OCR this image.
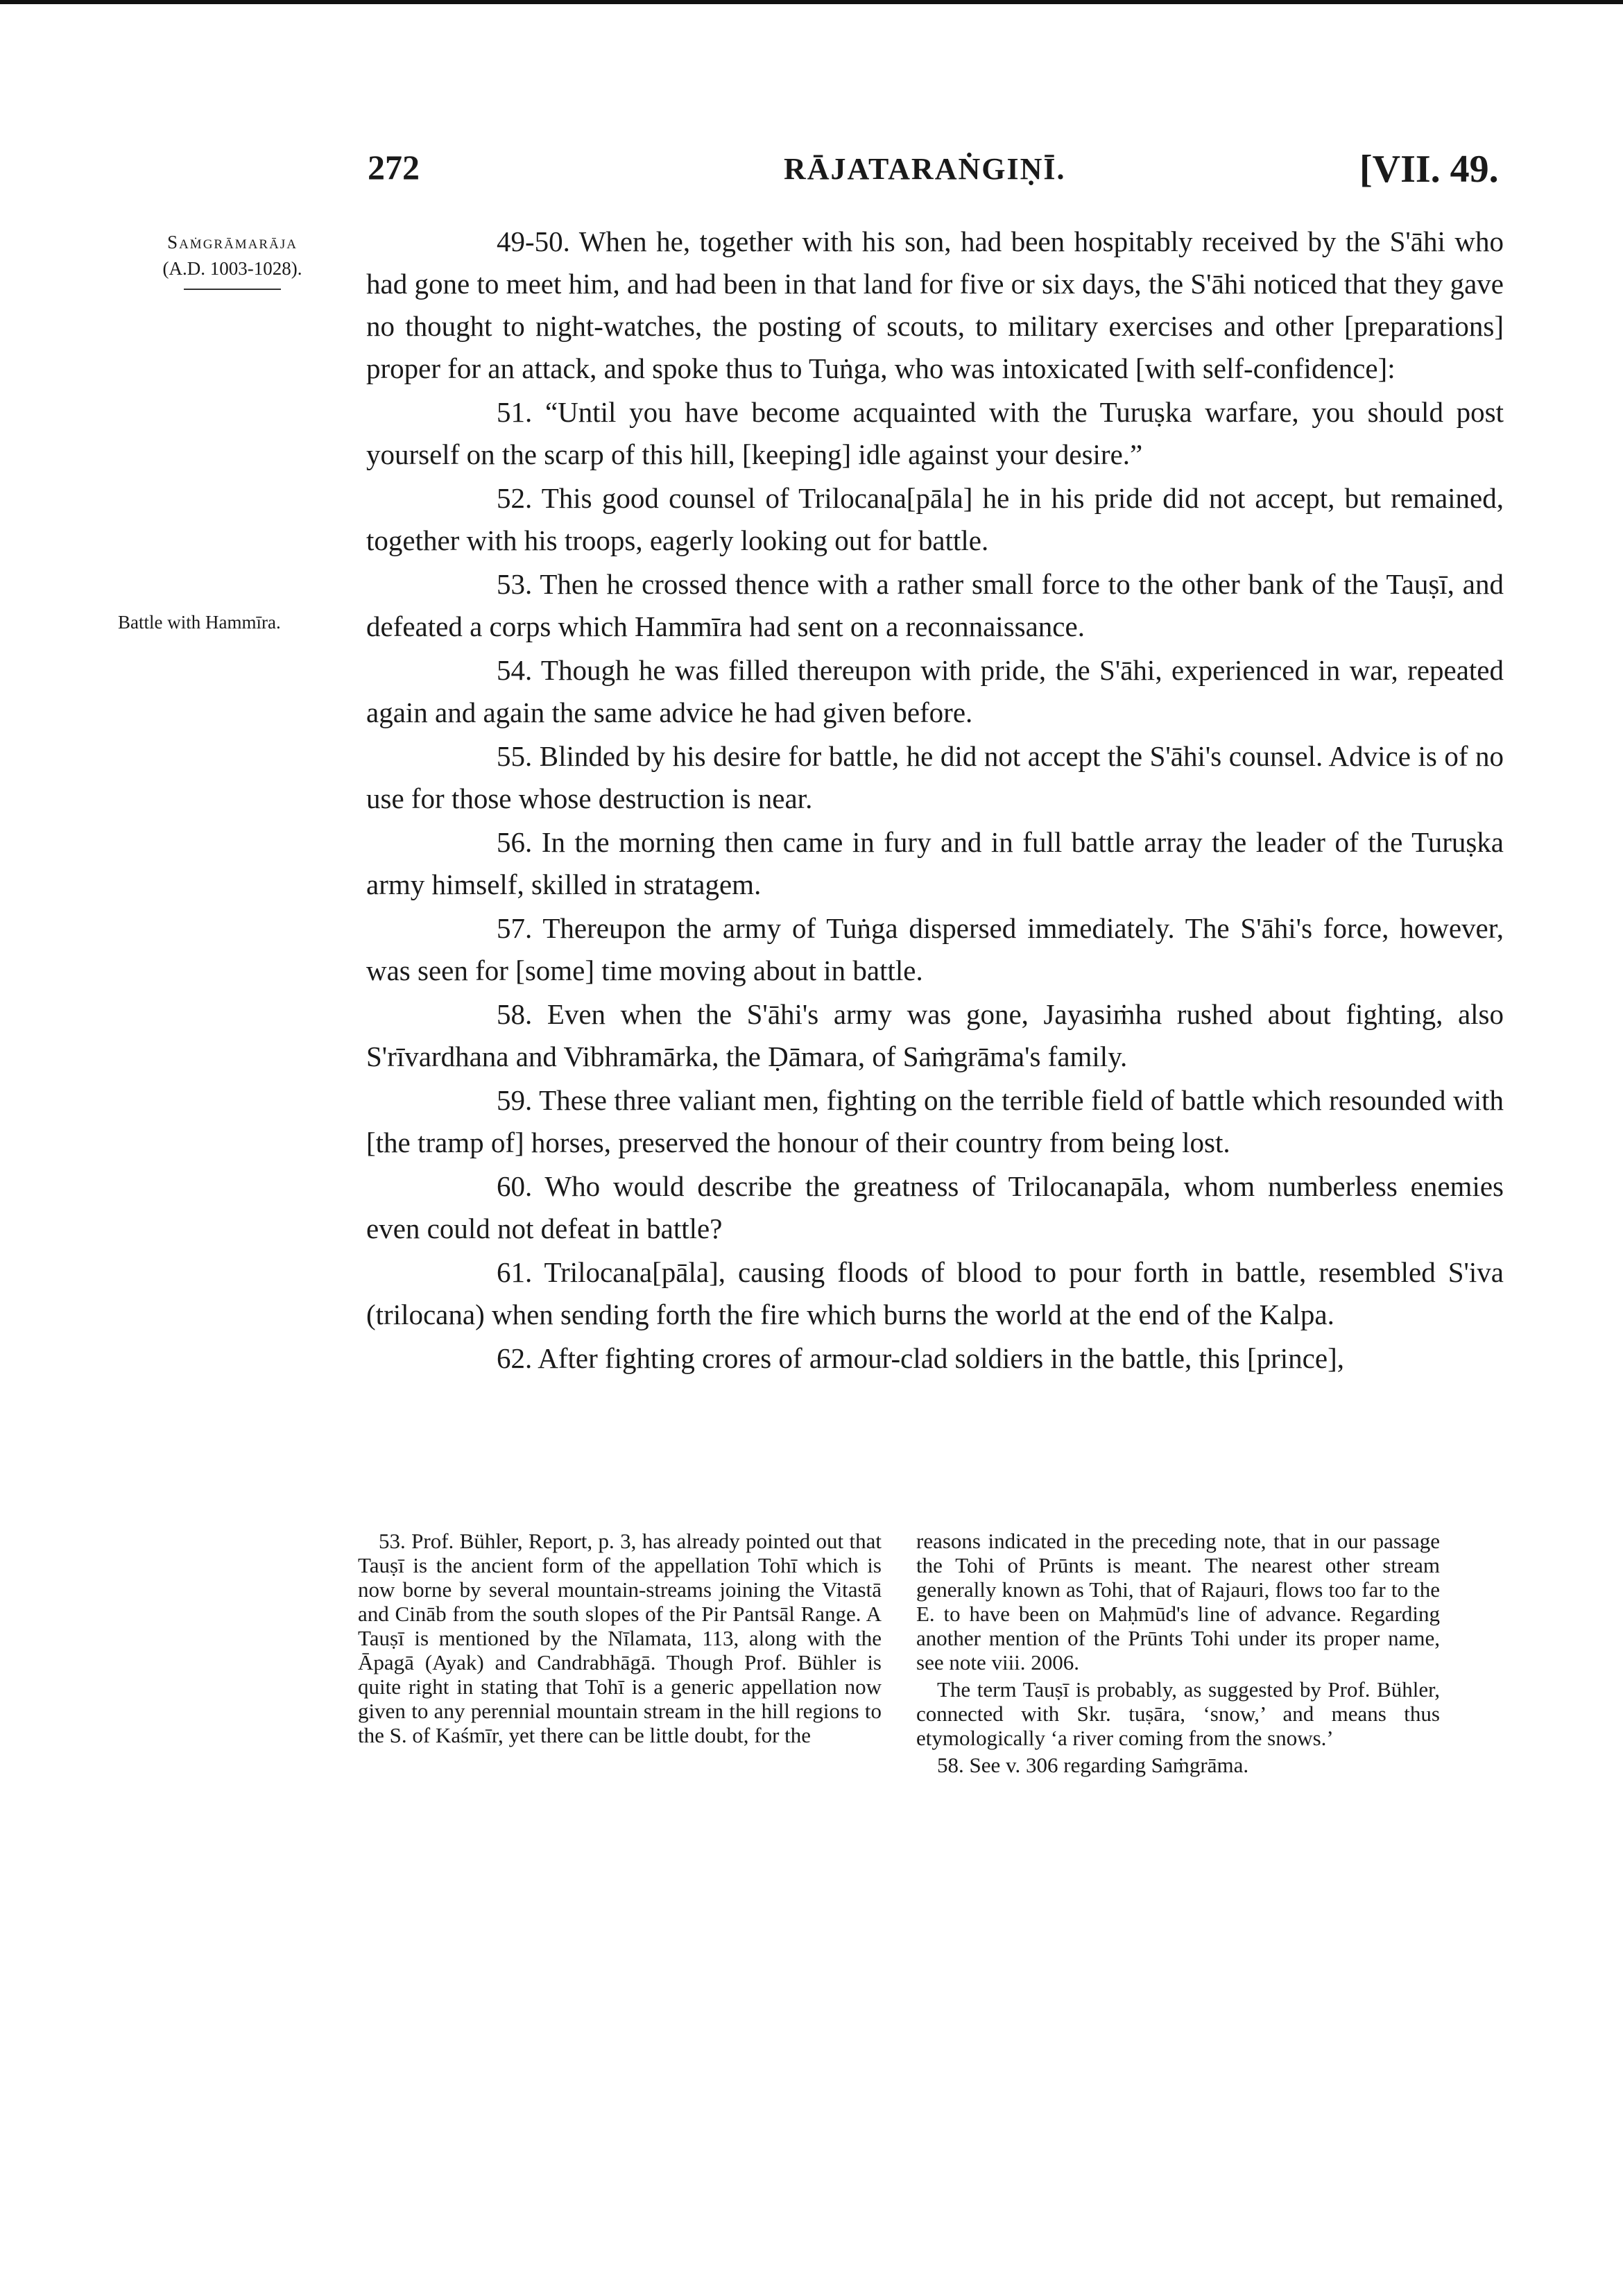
272	RĀJATARAṄGIṆĪ.	[VII. 49.
Saṁgrāmarāja
(A.D. 1003-1028).
Battle with Hammīra.

49-50. When he, together with his son, had been hospitably received by the S'āhi who had gone to meet him, and had been in that land for five or six days, the S'āhi noticed that they gave no thought to night-watches, the posting of scouts, to military exercises and other [preparations] proper for an attack, and spoke thus to Tuṅga, who was intoxicated [with self-confidence]:

51. “Until you have become acquainted with the Turuṣka warfare, you should post yourself on the scarp of this hill, [keeping] idle against your desire.”

52. This good counsel of Trilocana[pāla] he in his pride did not accept, but remained, together with his troops, eagerly looking out for battle.

53. Then he crossed thence with a rather small force to the other bank of the Tauṣī, and defeated a corps which Hammīra had sent on a reconnaissance.

54. Though he was filled thereupon with pride, the S'āhi, experienced in war, repeated again and again the same advice he had given before.

55. Blinded by his desire for battle, he did not accept the S'āhi's counsel. Advice is of no use for those whose destruction is near.

56. In the morning then came in fury and in full battle array the leader of the Turuṣka army himself, skilled in stratagem.

57. Thereupon the army of Tuṅga dispersed immediately. The S'āhi's force, however, was seen for [some] time moving about in battle.

58. Even when the S'āhi's army was gone, Jayasiṁha rushed about fighting, also S'rīvardhana and Vibhramārka, the Ḍāmara, of Saṁgrāma's family.

59. These three valiant men, fighting on the terrible field of battle which resounded with [the tramp of] horses, preserved the honour of their country from being lost.

60. Who would describe the greatness of Trilocanapāla, whom numberless enemies even could not defeat in battle?

61. Trilocana[pāla], causing floods of blood to pour forth in battle, resembled S'iva (trilocana) when sending forth the fire which burns the world at the end of the Kalpa.

62. After fighting crores of armour-clad soldiers in the battle, this [prince],

53. Prof. Bühler, Report, p. 3, has already pointed out that Tauṣī is the ancient form of the appellation Tohī which is now borne by several mountain-streams joining the Vitastā and Cināb from the south slopes of the Pir Pantsāl Range. A Tauṣī is mentioned by the Nīlamata, 113, along with the Āpagā (Ayak) and Candrabhāgā. Though Prof. Bühler is quite right in stating that Tohī is a generic appellation now given to any perennial mountain stream in the hill regions to the S. of Kaśmīr, yet there can be little doubt, for the

reasons indicated in the preceding note, that in our passage the Tohi of Prūnts is meant. The nearest other stream generally known as Tohi, that of Rajauri, flows too far to the E. to have been on Maḥmūd's line of advance. Regarding another mention of the Prūnts Tohi under its proper name, see note viii. 2006.

The term Tauṣī is probably, as suggested by Prof. Bühler, connected with Skr. tuṣāra, ‘snow,’ and means thus etymologically ‘a river coming from the snows.’

58. See v. 306 regarding Saṁgrāma.
